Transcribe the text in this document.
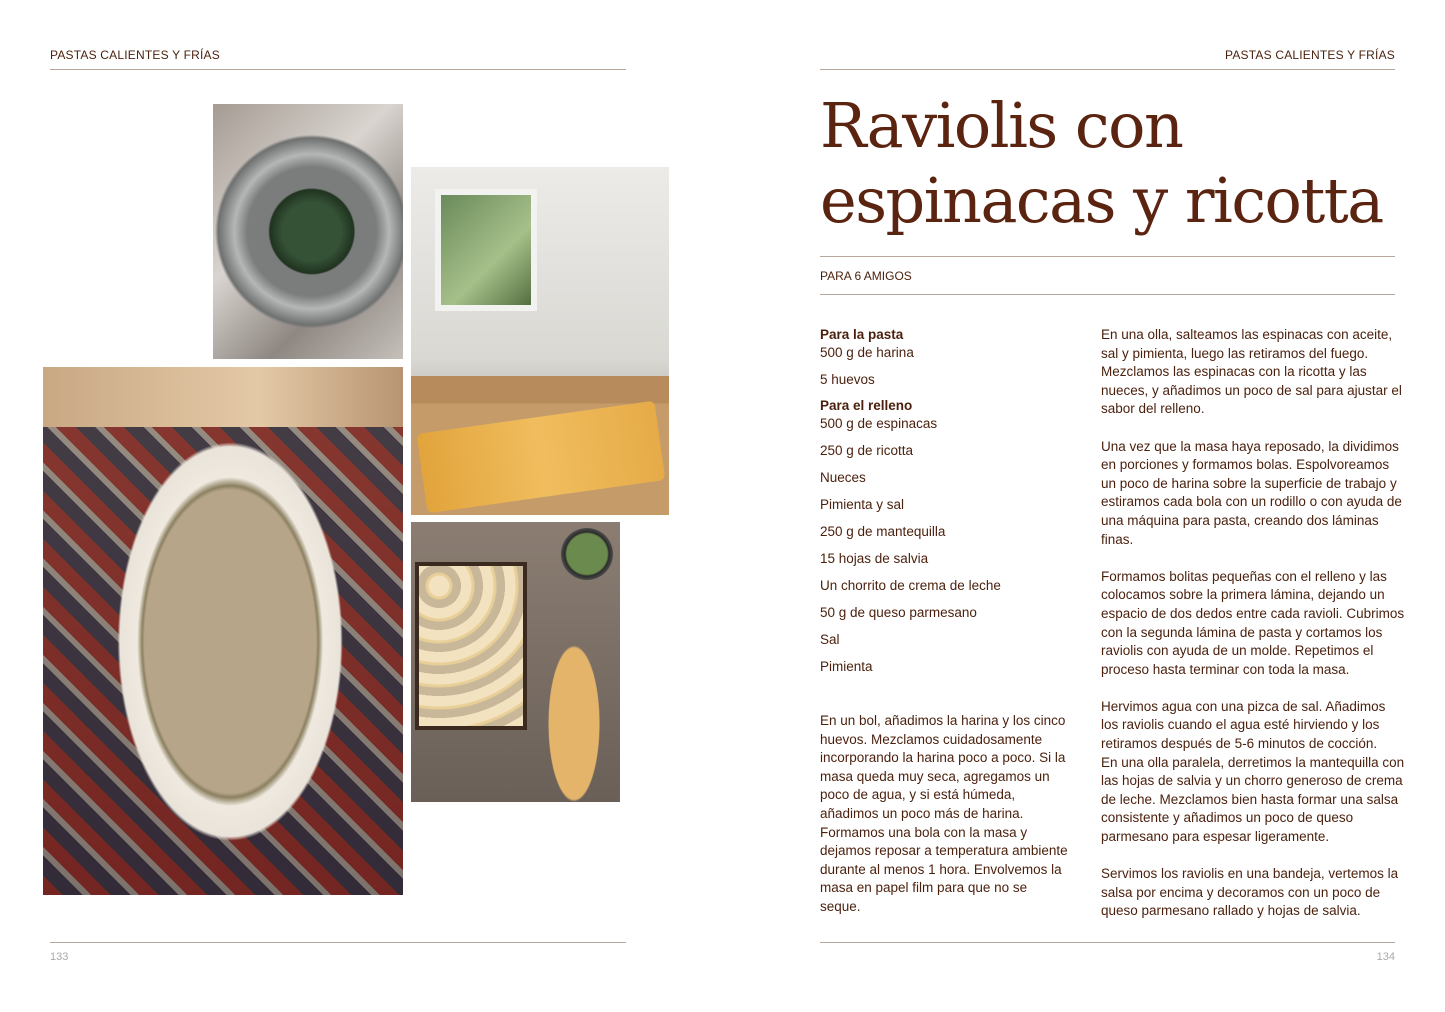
PASTAS CALIENTES Y FRÍAS
133
PASTAS CALIENTES Y FRÍAS
Raviolis con espinacas y ricotta
PARA 6 AMIGOS

Para la pasta

500 g de harina
5 huevos

Para el relleno

500 g de espinacas
250 g de ricotta
Nueces
Pimienta y sal
250 g de mantequilla
15 hojas de salvia
Un chorrito de crema de leche
50 g de queso parmesano
Sal
Pimienta

En un bol, añadimos la harina y los cinco huevos. Mezclamos cuidadosamente incorporando la harina poco a poco. Si la masa queda muy seca, agregamos un poco de agua, y si está húmeda, añadimos un poco más de harina. Formamos una bola con la masa y dejamos reposar a temperatura ambiente durante al menos 1 hora. Envolvemos la masa en papel film para que no se seque.

En una olla, salteamos las espinacas con aceite, sal y pimienta, luego las retiramos del fuego. Mezclamos las espinacas con la ricotta y las nueces, y añadimos un poco de sal para ajustar el sabor del relleno.

Una vez que la masa haya reposado, la dividimos en porciones y formamos bolas. Espolvoreamos un poco de harina sobre la superficie de trabajo y estiramos cada bola con un rodillo o con ayuda de una máquina para pasta, creando dos láminas finas.

Formamos bolitas pequeñas con el relleno y las colocamos sobre la primera lámina, dejando un espacio de dos dedos entre cada ravioli. Cubrimos con la segunda lámina de pasta y cortamos los raviolis con ayuda de un molde. Repetimos el proceso hasta terminar con toda la masa.

Hervimos agua con una pizca de sal. Añadimos los raviolis cuando el agua esté hirviendo y los retiramos después de 5-6 minutos de cocción.
En una olla paralela, derretimos la mantequilla con las hojas de salvia y un chorro generoso de crema de leche. Mezclamos bien hasta formar una salsa consistente y añadimos un poco de queso parmesano para espesar ligeramente.

Servimos los raviolis en una bandeja, vertemos la salsa por encima y decoramos con un poco de queso parmesano rallado y hojas de salvia.

134
